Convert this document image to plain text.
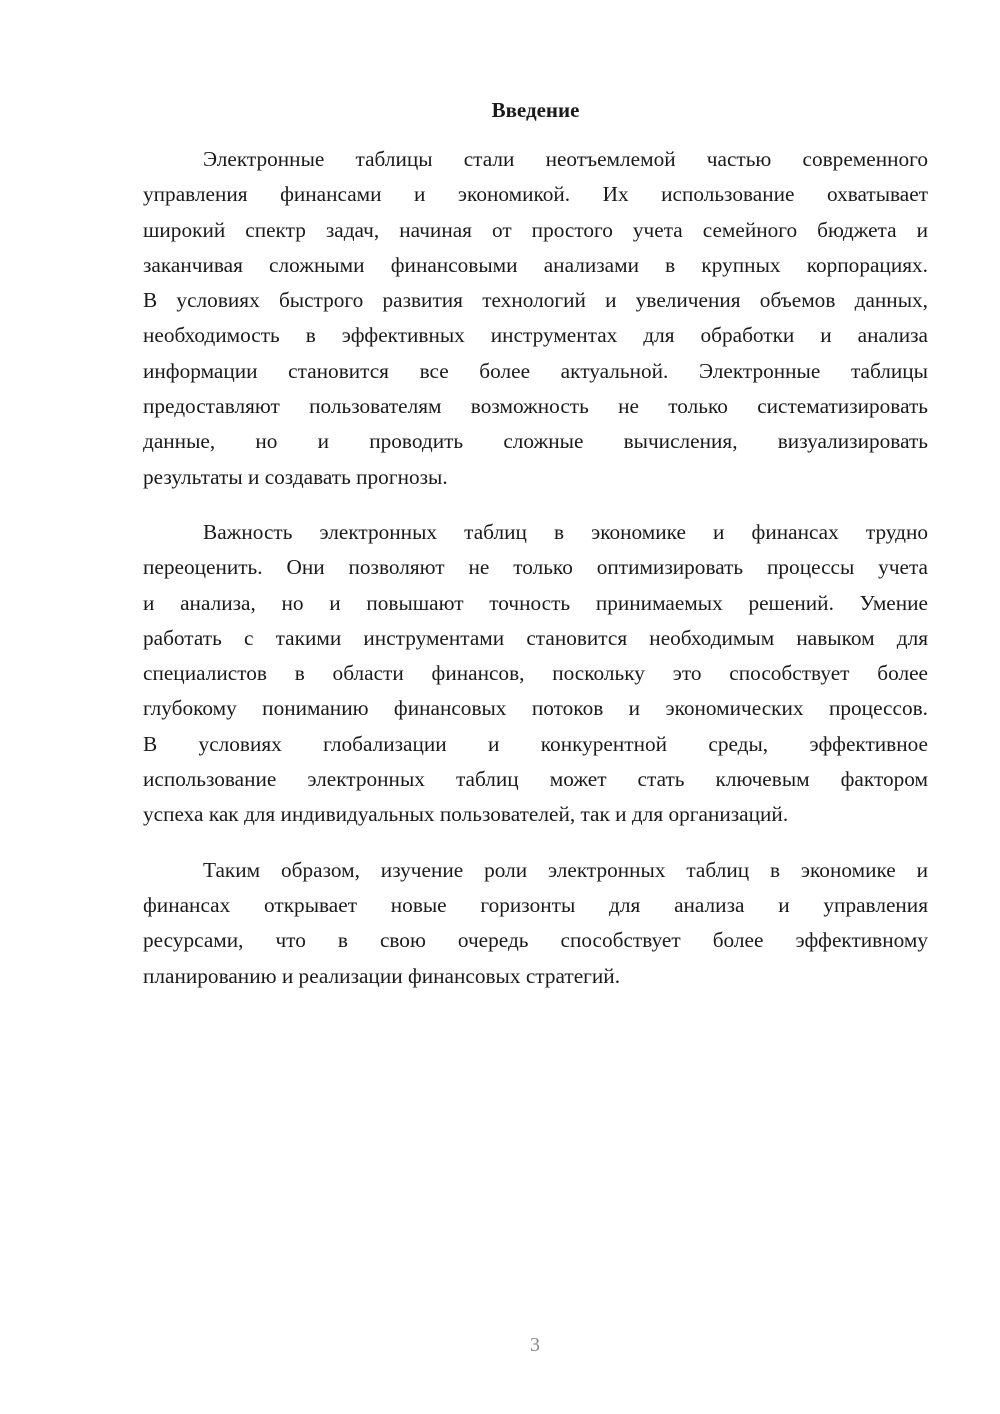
Введение
Электронные таблицы стали неотъемлемой частью современного
управления финансами и экономикой. Их использование охватывает
широкий спектр задач, начиная от простого учета семейного бюджета и
заканчивая сложными финансовыми анализами в крупных корпорациях.
В условиях быстрого развития технологий и увеличения объемов данных,
необходимость в эффективных инструментах для обработки и анализа
информации становится все более актуальной. Электронные таблицы
предоставляют пользователям возможность не только систематизировать
данные, но и проводить сложные вычисления, визуализировать
результаты и создавать прогнозы.
Важность электронных таблиц в экономике и финансах трудно
переоценить. Они позволяют не только оптимизировать процессы учета
и анализа, но и повышают точность принимаемых решений. Умение
работать с такими инструментами становится необходимым навыком для
специалистов в области финансов, поскольку это способствует более
глубокому пониманию финансовых потоков и экономических процессов.
В условиях глобализации и конкурентной среды, эффективное
использование электронных таблиц может стать ключевым фактором
успеха как для индивидуальных пользователей, так и для организаций.
Таким образом, изучение роли электронных таблиц в экономике и
финансах открывает новые горизонты для анализа и управления
ресурсами, что в свою очередь способствует более эффективному
планированию и реализации финансовых стратегий.
3
